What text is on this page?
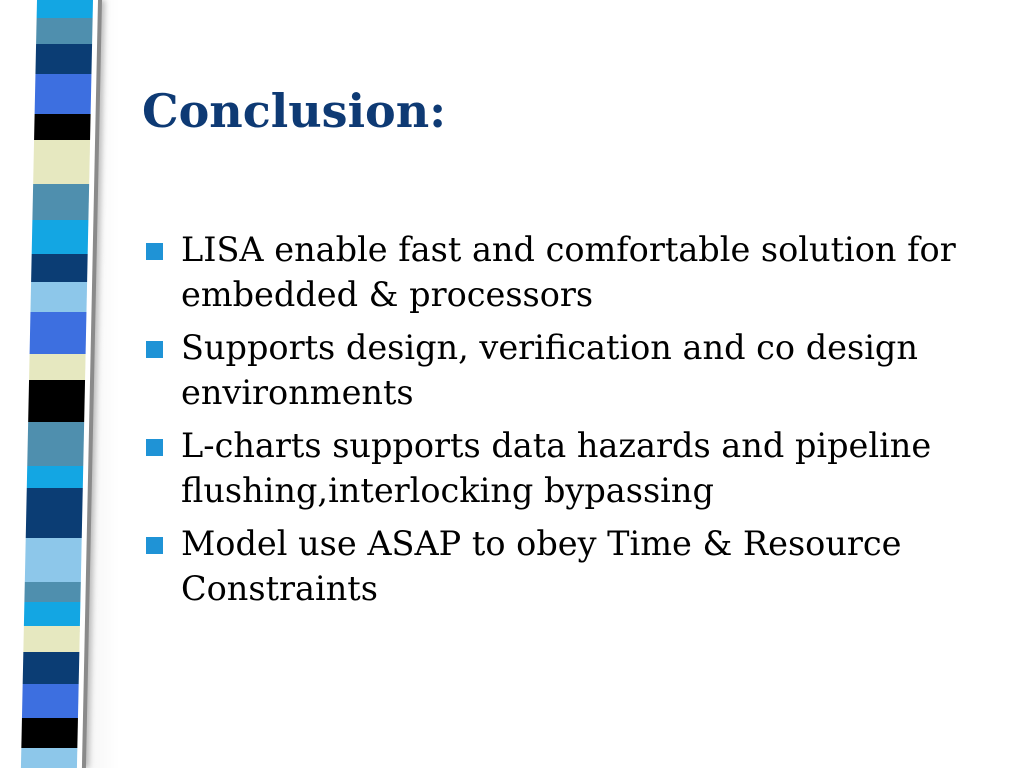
Conclusion:
LISA enable fast and comfortable solution for embedded & processors
Supports design, verification and co design environments
L-charts supports data hazards and pipeline flushing,interlocking bypassing
Model use ASAP to obey Time & Resource Constraints
